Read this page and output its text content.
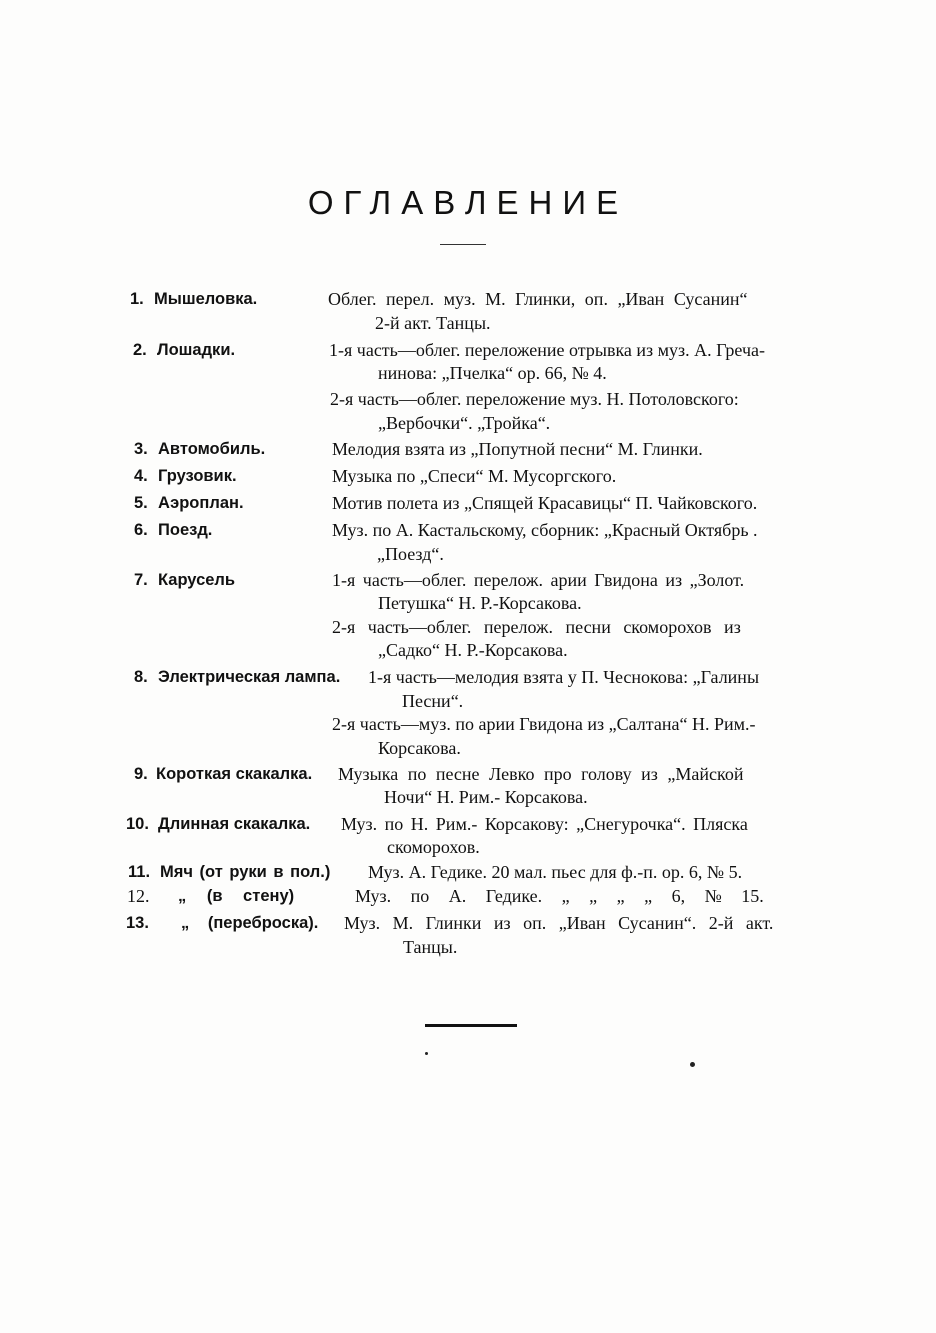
ОГЛАВЛЕНИЕ
1. Мышеловка.	Облег. перел. муз. М. Глинки, оп. „Иван Сусанин“
2-й акт. Танцы.
2. Лошадки.	1-я часть—облег. переложение отрывка из муз. А. Греча-
нинова: „Пчелка“ ор. 66, № 4.
2-я часть—облег. переложение муз. Н. Потоловского:
„Вербочки“. „Тройка“.
3. Автомобиль.	Мелодия взята из „Попутной песни“ М. Глинки.
4. Грузовик.	Музыка по „Спеси“ М. Мусоргского.
5. Аэроплан.	Мотив полета из „Спящей Красавицы“ П. Чайковского.
6. Поезд.	Муз. по А. Кастальскому, сборник: „Красный Октябрь .
„Поезд“.
7. Карусель	1-я часть—облег. перелож. арии Гвидона из „Золот.
Петушка“ Н. Р.-Корсакова.
2-я часть—облег. перелож. песни скоморохов из
„Садко“ Н. Р.-Корсакова.
8. Электрическая лампа. 1-я часть—мелодия взята у П. Чеснокова: „Галины
Песни“.
2-я часть—муз. по арии Гвидона из „Салтана“ Н. Рим.-
Корсакова.
9. Короткая скакалка. Музыка по песне Левко про голову из „Майской
Ночи“ Н. Рим.- Корсакова.
10. Длинная скакалка. Муз. по Н. Рим.- Корсакову: „Снегурочка“. Пляска
скоморохов.
11. Мяч (от руки в пол.) Муз. А. Гедике. 20 мал. пьес для ф.-п. ор. 6, № 5.
12. „ (в стену)	Муз. по А. Гедике. „ „ „ „ 6, № 15.
13. „ (переброска). Муз. М. Глинки из оп. „Иван Сусанин“. 2-й акт.
Танцы.
